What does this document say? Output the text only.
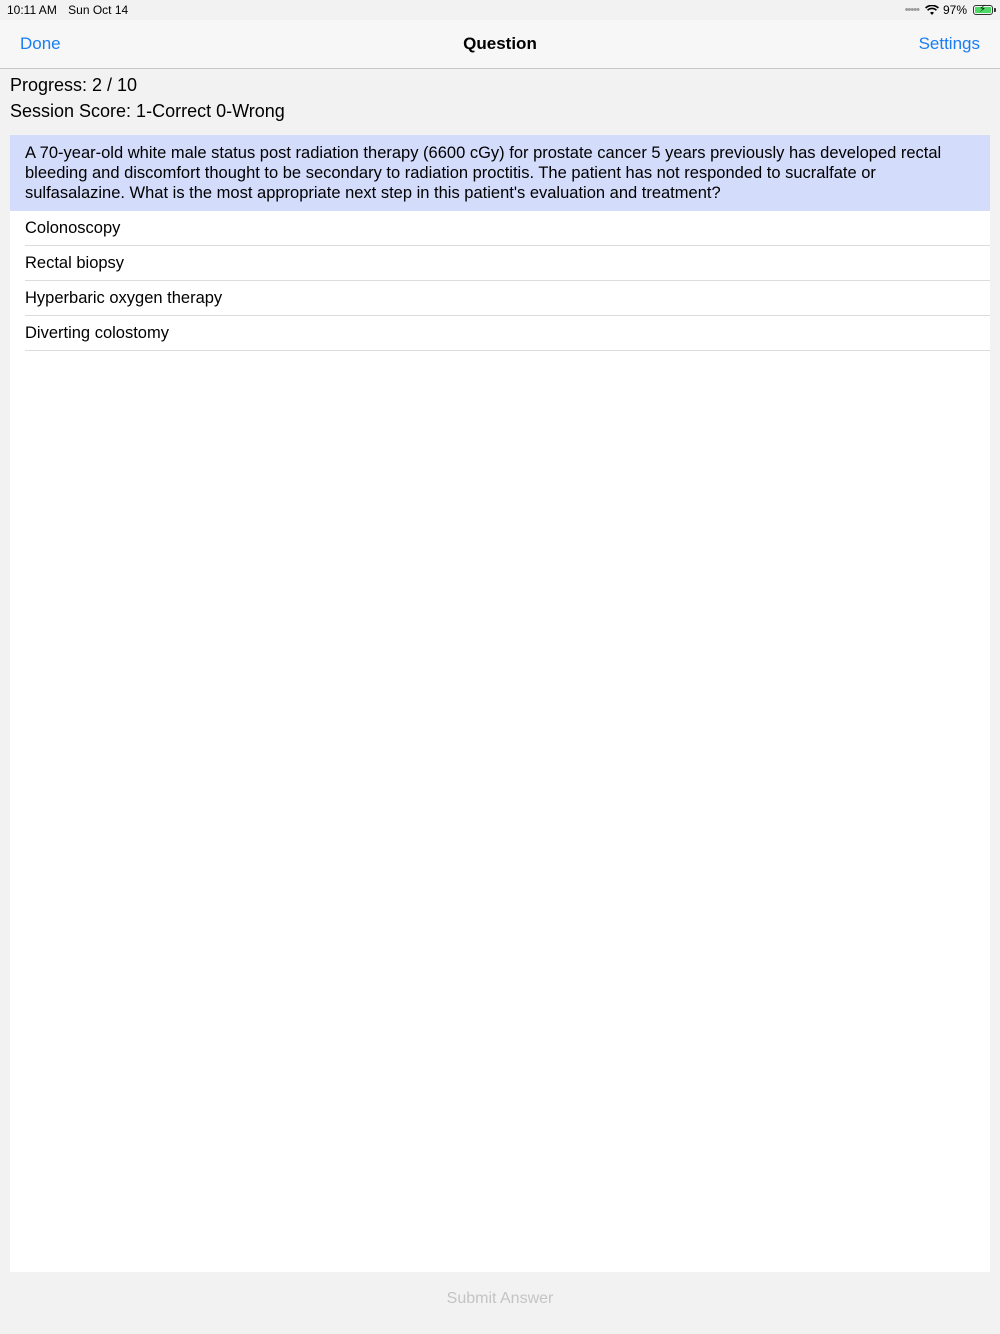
10:11 AM Sun Oct 14	••••• 97% ⚡
Done	Question	Settings
Progress: 2 / 10
Session Score: 1-Correct 0-Wrong
A 70-year-old white male status post radiation therapy (6600 cGy) for prostate cancer 5 years previously has developed rectal bleeding and discomfort thought to be secondary to radiation proctitis. The patient has not responded to sucralfate or sulfasalazine. What is the most appropriate next step in this patient's evaluation and treatment?
Colonoscopy
Rectal biopsy
Hyperbaric oxygen therapy
Diverting colostomy
Submit Answer
